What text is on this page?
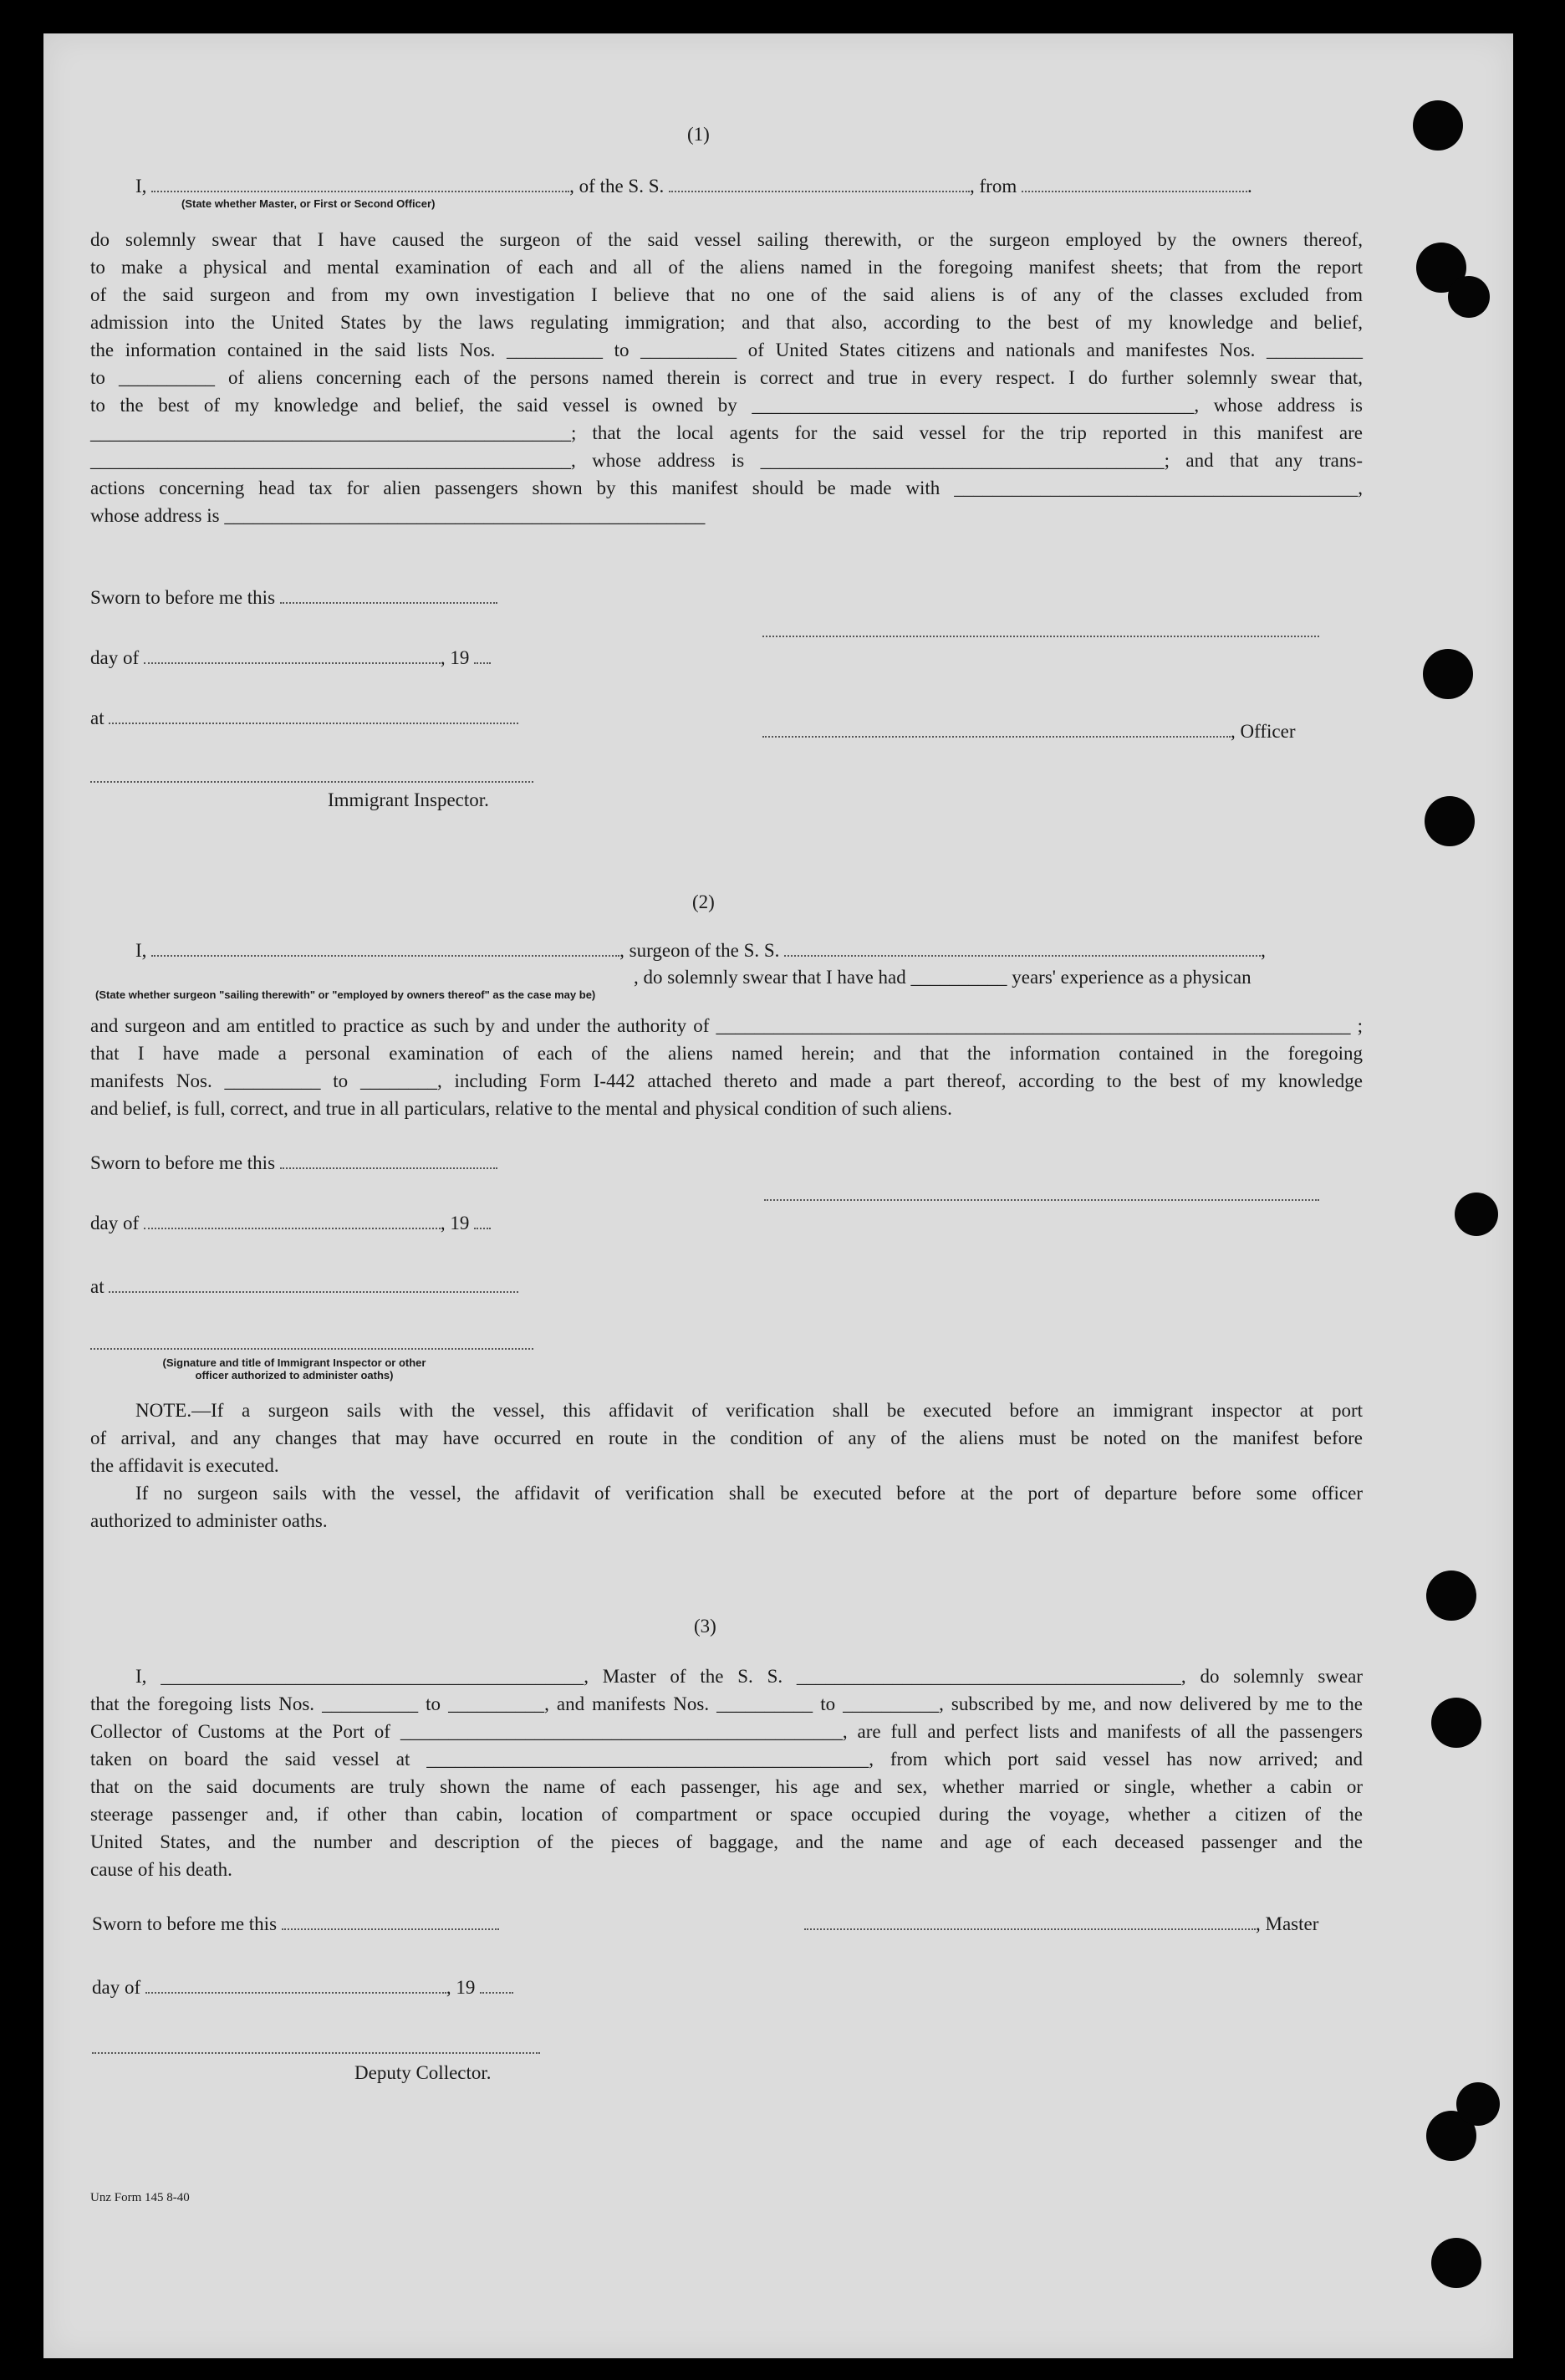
(1)
I,	, of the S. S.	, from	.
(State whether Master, or First or Second Officer)

do solemnly swear that I have caused the surgeon of the said vessel sailing therewith, or the surgeon employed by the owners thereof,

to make a physical and mental examination of each and all of the aliens named in the foregoing manifest sheets; that from the report

of the said surgeon and from my own investigation I believe that no one of the said aliens is of any of the classes excluded from

admission into the United States by the laws regulating immigration; and that also, according to the best of my knowledge and belief,

the information contained in the said lists Nos. __________ to __________ of United States citizens and nationals and manifestes Nos. __________

to __________ of aliens concerning each of the persons named therein is correct and true in every respect. I do further solemnly swear that,

to the best of my knowledge and belief, the said vessel is owned by ______________________________________________, whose address is

__________________________________________________; that the local agents for the said vessel for the trip reported in this manifest are

__________________________________________________, whose address is __________________________________________; and that any trans-

actions concerning head tax for alien passengers shown by this manifest should be made with __________________________________________,

whose address is __________________________________________________

Sworn to before me this
day of	, 19
at
, Officer
Immigrant Inspector.
(2)
I,	, surgeon of the S. S.	,
, do solemnly swear that I have had __________ years' experience as a physican
(State whether surgeon "sailing therewith" or "employed by owners thereof" as the case may be)

and surgeon and am entitled to practice as such by and under the authority of __________________________________________________________________ ;

that I have made a personal examination of each of the aliens named herein; and that the information contained in the foregoing

manifests Nos. __________ to ________, including Form I-442 attached thereto and made a part thereof, according to the best of my knowledge

and belief, is full, correct, and true in all particulars, relative to the mental and physical condition of such aliens.

Sworn to before me this
day of	, 19
at
(Signature and title of Immigrant Inspector or other
officer authorized to administer oaths)

NOTE.—If a surgeon sails with the vessel, this affidavit of verification shall be executed before an immigrant inspector at port

of arrival, and any changes that may have occurred en route in the condition of any of the aliens must be noted on the manifest before

the affidavit is executed.

If no surgeon sails with the vessel, the affidavit of verification shall be executed before at the port of departure before some officer

authorized to administer oaths.

(3)

I, ____________________________________________, Master of the S. S. ________________________________________, do solemnly swear

that the foregoing lists Nos. __________ to __________, and manifests Nos. __________ to __________, subscribed by me, and now delivered by me to the

Collector of Customs at the Port of ______________________________________________, are full and perfect lists and manifests of all the passengers

taken on board the said vessel at ______________________________________________, from which port said vessel has now arrived; and

that on the said documents are truly shown the name of each passenger, his age and sex, whether married or single, whether a cabin or

steerage passenger and, if other than cabin, location of compartment or space occupied during the voyage, whether a citizen of the

United States, and the number and description of the pieces of baggage, and the name and age of each deceased passenger and the

cause of his death.

Sworn to before me this	, Master
day of	, 19
Deputy Collector.
Unz Form 145 8-40
